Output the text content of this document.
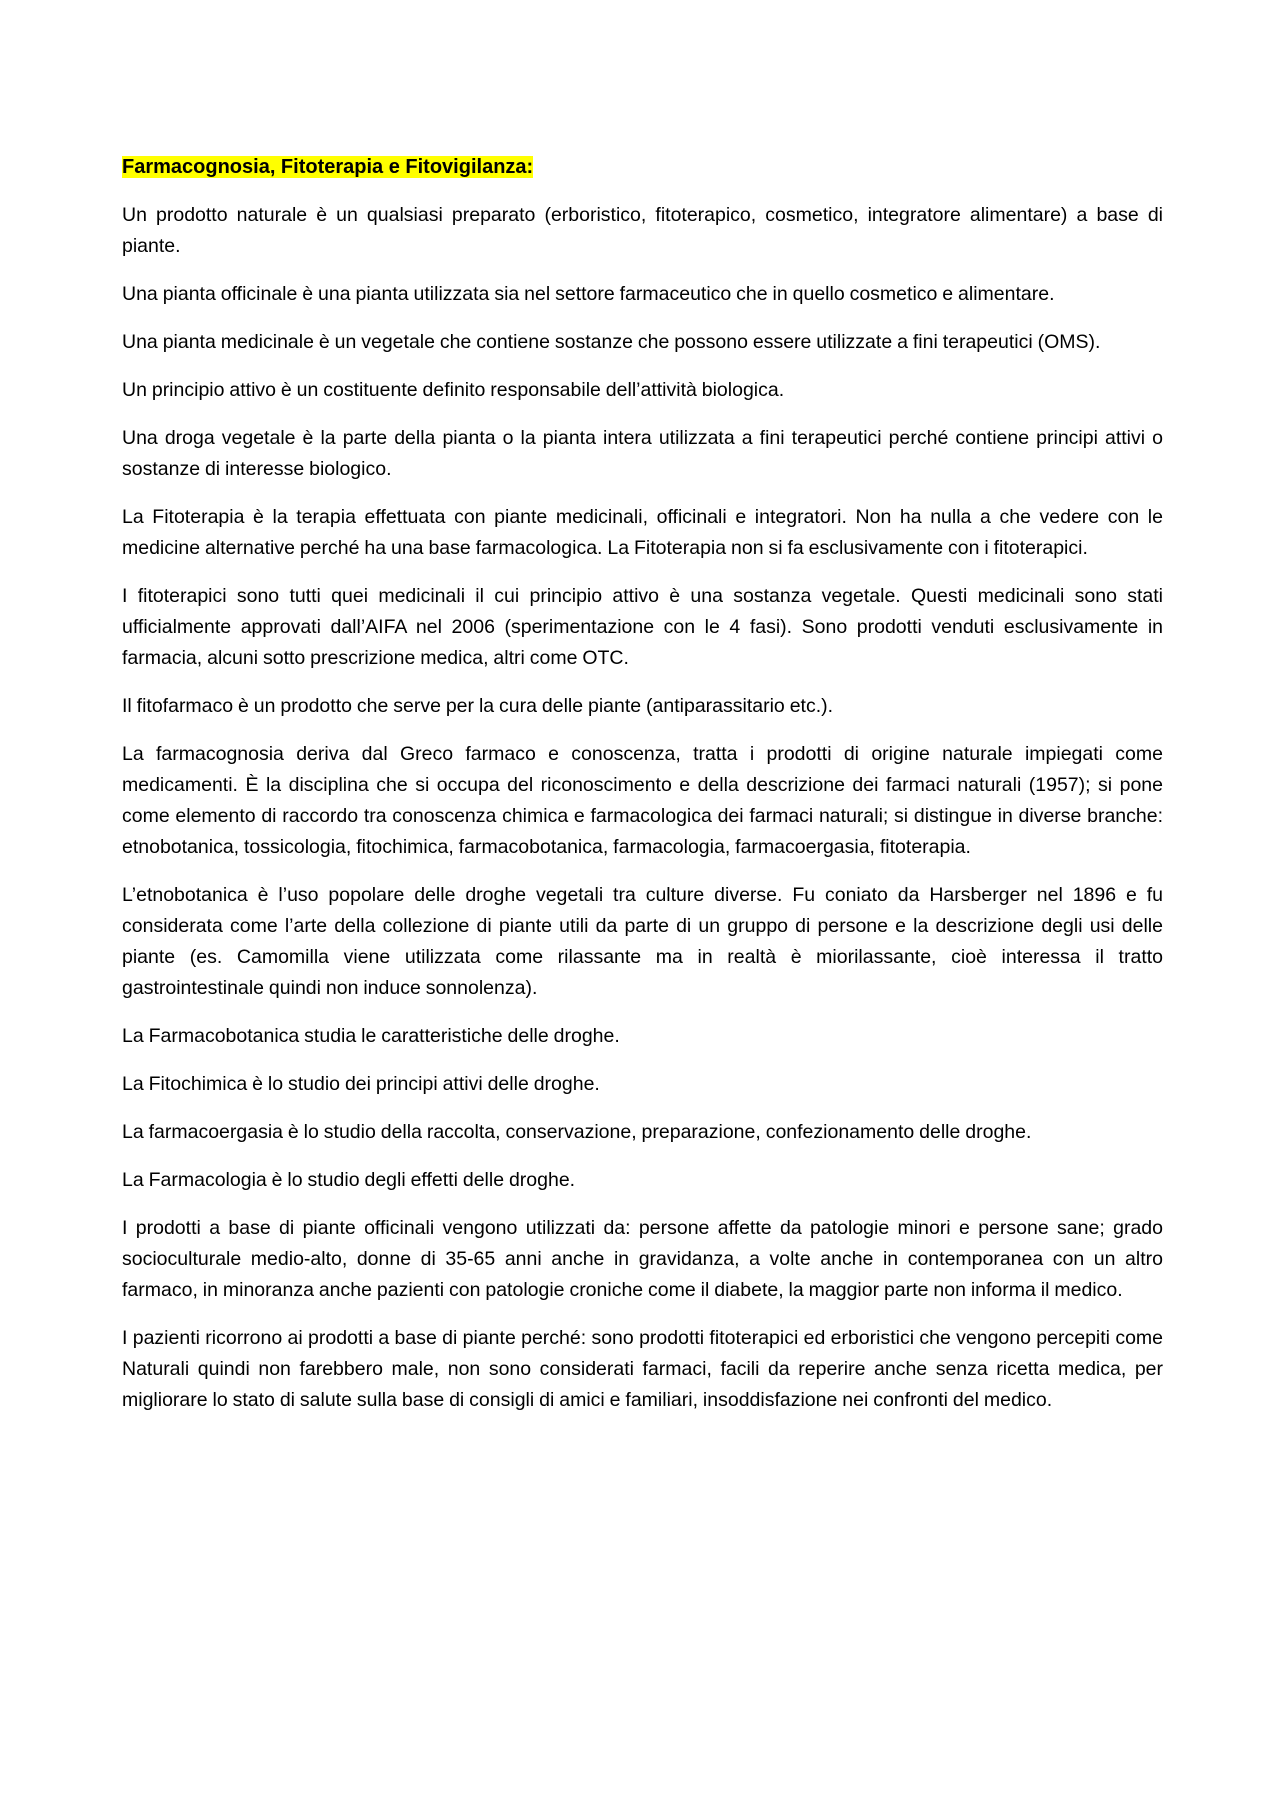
Farmacognosia, Fitoterapia e Fitovigilanza:

Un prodotto naturale è un qualsiasi preparato (erboristico, fitoterapico, cosmetico, integratore alimentare) a base di piante.

Una pianta officinale è una pianta utilizzata sia nel settore farmaceutico che in quello cosmetico e alimentare.

Una pianta medicinale è un vegetale che contiene sostanze che possono essere utilizzate a fini terapeutici (OMS).

Un principio attivo è un costituente definito responsabile dell’attività biologica.

Una droga vegetale è la parte della pianta o la pianta intera utilizzata a fini terapeutici perché contiene principi attivi o sostanze di interesse biologico.

La Fitoterapia è la terapia effettuata con piante medicinali, officinali e integratori. Non ha nulla a che vedere con le medicine alternative perché ha una base farmacologica. La Fitoterapia non si fa esclusivamente con i fitoterapici.

I fitoterapici sono tutti quei medicinali il cui principio attivo è una sostanza vegetale. Questi medicinali sono stati ufficialmente approvati dall’AIFA nel 2006 (sperimentazione con le 4 fasi). Sono prodotti venduti esclusivamente in farmacia, alcuni sotto prescrizione medica, altri come OTC.

Il fitofarmaco è un prodotto che serve per la cura delle piante (antiparassitario etc.).

La farmacognosia deriva dal Greco farmaco e conoscenza, tratta i prodotti di origine naturale impiegati come medicamenti. È la disciplina che si occupa del riconoscimento e della descrizione dei farmaci naturali (1957); si pone come elemento di raccordo tra conoscenza chimica e farmacologica dei farmaci naturali; si distingue in diverse branche: etnobotanica, tossicologia, fitochimica, farmacobotanica, farmacologia, farmacoergasia, fitoterapia.

L’etnobotanica è l’uso popolare delle droghe vegetali tra culture diverse. Fu coniato da Harsberger nel 1896 e fu considerata come l’arte della collezione di piante utili da parte di un gruppo di persone e la descrizione degli usi delle piante (es. Camomilla viene utilizzata come rilassante ma in realtà è miorilassante, cioè interessa il tratto gastrointestinale quindi non induce sonnolenza).

La Farmacobotanica studia le caratteristiche delle droghe.

La Fitochimica è lo studio dei principi attivi delle droghe.

La farmacoergasia è lo studio della raccolta, conservazione, preparazione, confezionamento delle droghe.

La Farmacologia è lo studio degli effetti delle droghe.

I prodotti a base di piante officinali vengono utilizzati da: persone affette da patologie minori e persone sane; grado socioculturale medio-alto, donne di 35-65 anni anche in gravidanza, a volte anche in contemporanea con un altro farmaco, in minoranza anche pazienti con patologie croniche come il diabete, la maggior parte non informa il medico.

I pazienti ricorrono ai prodotti a base di piante perché: sono prodotti fitoterapici ed erboristici che vengono percepiti come Naturali quindi non farebbero male, non sono considerati farmaci, facili da reperire anche senza ricetta medica, per migliorare lo stato di salute sulla base di consigli di amici e familiari, insoddisfazione nei confronti del medico.
